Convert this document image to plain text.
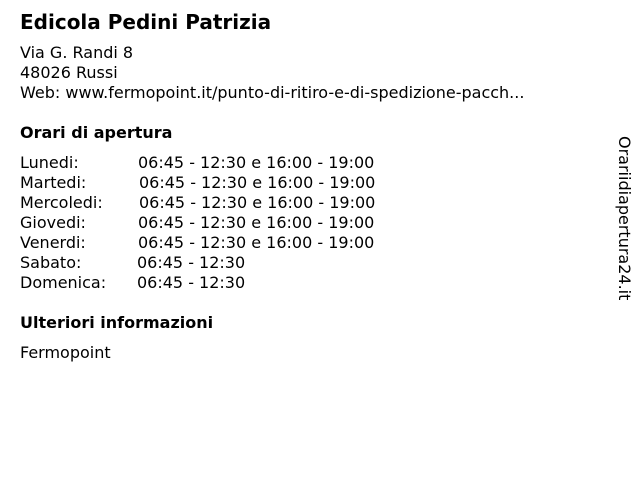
Edicola Pedini Patrizia
Via G. Randi 8
48026 Russi
Web: www.fermopoint.it/punto-di-ritiro-e-di-spedizione-pacch...
Orari di apertura
Lunedi:	06:45 - 12:30 e 16:00 - 19:00
Martedi:	06:45 - 12:30 e 16:00 - 19:00
Mercoledi: 06:45 - 12:30 e 16:00 - 19:00
Giovedi:	06:45 - 12:30 e 16:00 - 19:00
Venerdi:	06:45 - 12:30 e 16:00 - 19:00
Sabato:	06:45 - 12:30
Domenica: 06:45 - 12:30
Ulteriori informazioni
Fermopoint
Orariidiapertura24.it
